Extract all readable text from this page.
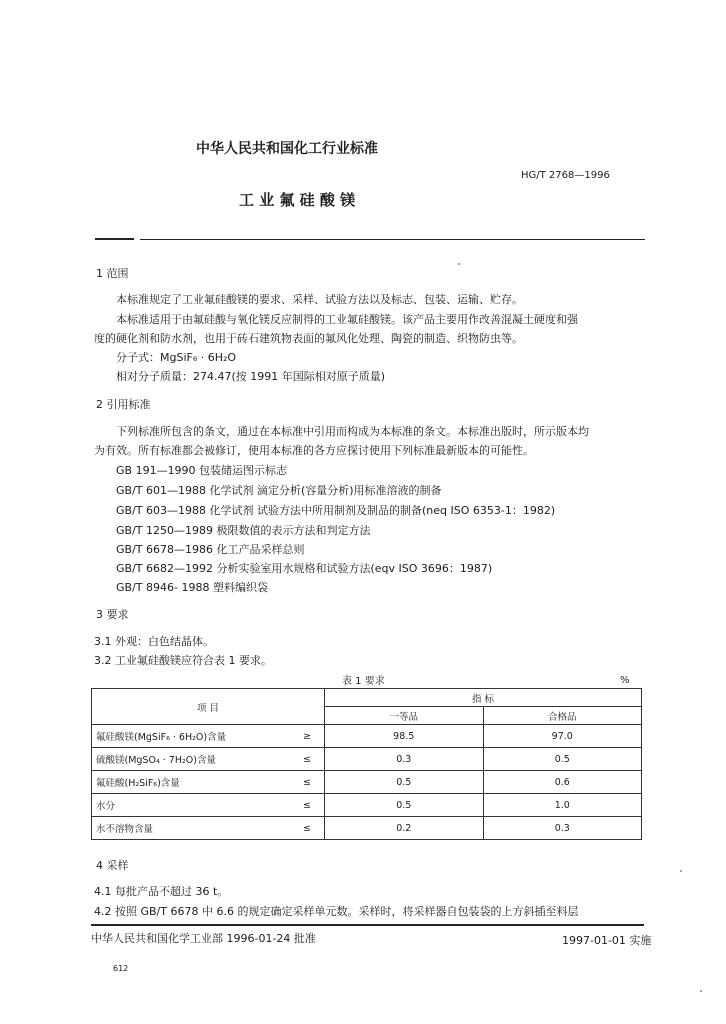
中华人民共和国化工行业标准
HG/T 2768—1996
工 业 氟 硅 酸 镁
1 范围
本标准规定了工业氟硅酸镁的要求、采样、试验方法以及标志、包装、运输、贮存。
本标准适用于由氟硅酸与氧化镁反应制得的工业氟硅酸镁。该产品主要用作改善混凝土硬度和强
度的硬化剂和防水剂，也用于砖石建筑物表面的氟风化处理、陶瓷的制造、织物防虫等。
分子式：MgSiF₆ · 6H₂O
相对分子质量：274.47(按 1991 年国际相对原子质量)
2 引用标准
下列标准所包含的条文，通过在本标准中引用而构成为本标准的条文。本标准出版时，所示版本均
为有效。所有标准都会被修订，使用本标准的各方应探讨使用下列标准最新版本的可能性。
GB 191—1990 包装储运图示标志
GB/T 601—1988 化学试剂 滴定分析(容量分析)用标准溶液的制备
GB/T 603—1988 化学试剂 试验方法中所用制剂及制品的制备(neq ISO 6353-1：1982)
GB/T 1250—1989 极限数值的表示方法和判定方法
GB/T 6678—1986 化工产品采样总则
GB/T 6682—1992 分析实验室用水规格和试验方法(eqv ISO 3696：1987)
GB/T 8946- 1988 塑料编织袋
3 要求
3.1 外观：白色结晶体。
3.2 工业氟硅酸镁应符合表 1 要求。
表 1 要求	%
项 目		指 标	
		一等品	合格品
氟硅酸镁(MgSiF₆ · 6H₂O)含量	≥	98.5	97.0
硫酸镁(MgSO₄ · 7H₂O)含量	≤	0.3	0.5
氟硅酸(H₂SiF₆)含量	≤	0.5	0.6
水分	≤	0.5	1.0
水不溶物含量	≤	0.2	0.3
4 采样
4.1 每批产品不超过 36 t。
4.2 按照 GB/T 6678 中 6.6 的规定确定采样单元数。采样时，将采样器自包装袋的上方斜插至料层
中华人民共和国化学工业部 1996-01-24 批准	1997-01-01 实施
612
